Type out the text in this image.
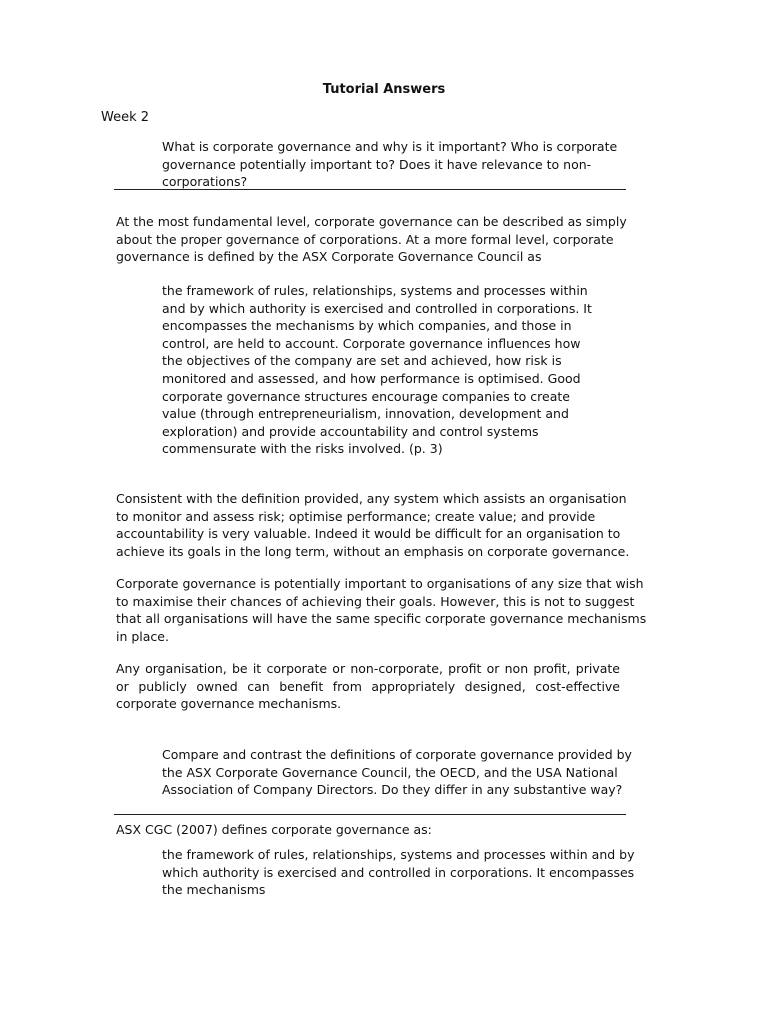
Tutorial Answers
Week 2
What is corporate governance and why is it important? Who is corporate
governance potentially important to? Does it have relevance to non-
corporations?
At the most fundamental level, corporate governance can be described as simply
about the proper governance of corporations. At a more formal level, corporate
governance is defined by the ASX Corporate Governance Council as
the framework of rules, relationships, systems and processes within
and by which authority is exercised and controlled in corporations. It
encompasses the mechanisms by which companies, and those in
control, are held to account. Corporate governance influences how
the objectives of the company are set and achieved, how risk is
monitored and assessed, and how performance is optimised. Good
corporate governance structures encourage companies to create
value (through entrepreneurialism, innovation, development and
exploration) and provide accountability and control systems
commensurate with the risks involved. (p. 3)
Consistent with the definition provided, any system which assists an organisation
to monitor and assess risk; optimise performance; create value; and provide
accountability is very valuable. Indeed it would be difficult for an organisation to
achieve its goals in the long term, without an emphasis on corporate governance.
Corporate governance is potentially important to organisations of any size that wish
to maximise their chances of achieving their goals. However, this is not to suggest
that all organisations will have the same specific corporate governance mechanisms
in place.
Any organisation, be it corporate or non-corporate, profit or non profit, private
or publicly owned can benefit from appropriately designed, cost-effective
corporate governance mechanisms.
Compare and contrast the definitions of corporate governance provided by
the ASX Corporate Governance Council, the OECD, and the USA National
Association of Company Directors. Do they differ in any substantive way?
ASX CGC (2007) defines corporate governance as:
the framework of rules, relationships, systems and processes within and by
which authority is exercised and controlled in corporations. It encompasses
the mechanisms
